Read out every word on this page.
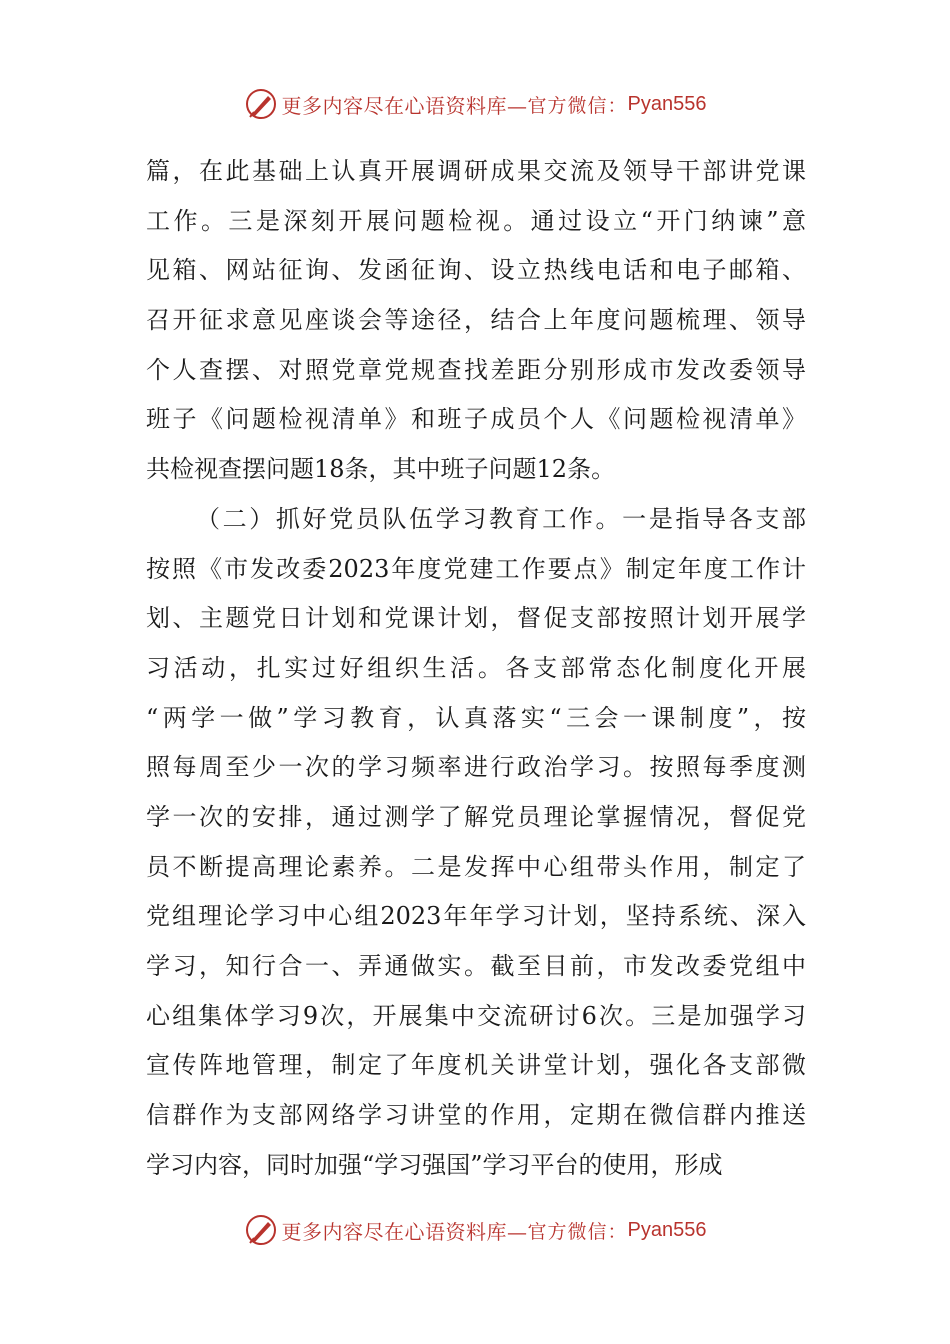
更多内容尽在心语资料库— 官方微信： Pyan556
篇，在此基础上认真开展调研成果交流及领导干部讲党课
工作。三是深刻开展问题检视。通过设立“开门纳谏”意
见箱、网站征询、发函征询、设立热线电话和电子邮箱、
召开征求意见座谈会等途径，结合上年度问题梳理、领导
个人查摆、对照党章党规查找差距分别形成市发改委领导
班子《问题检视清单》和班子成员个人《问题检视清单》
共检视查摆问题18条，其中班子问题12条。
（二）抓好党员队伍学习教育工作。一是指导各支部
按照《市发改委2023年度党建工作要点》制定年度工作计
划、主题党日计划和党课计划，督促支部按照计划开展学
习活动，扎实过好组织生活。各支部常态化制度化开展
“两学一做”学习教育，认真落实“三会一课制度”，按
照每周至少一次的学习频率进行政治学习。按照每季度测
学一次的安排，通过测学了解党员理论掌握情况，督促党
员不断提高理论素养。二是发挥中心组带头作用，制定了
党组理论学习中心组2023年年学习计划，坚持系统、深入
学习，知行合一、弄通做实。截至目前，市发改委党组中
心组集体学习9次，开展集中交流研讨6次。三是加强学习
宣传阵地管理，制定了年度机关讲堂计划，强化各支部微
信群作为支部网络学习讲堂的作用，定期在微信群内推送
学习内容，同时加强“学习强国”学习平台的使用，形成
更多内容尽在心语资料库— 官方微信： Pyan556
